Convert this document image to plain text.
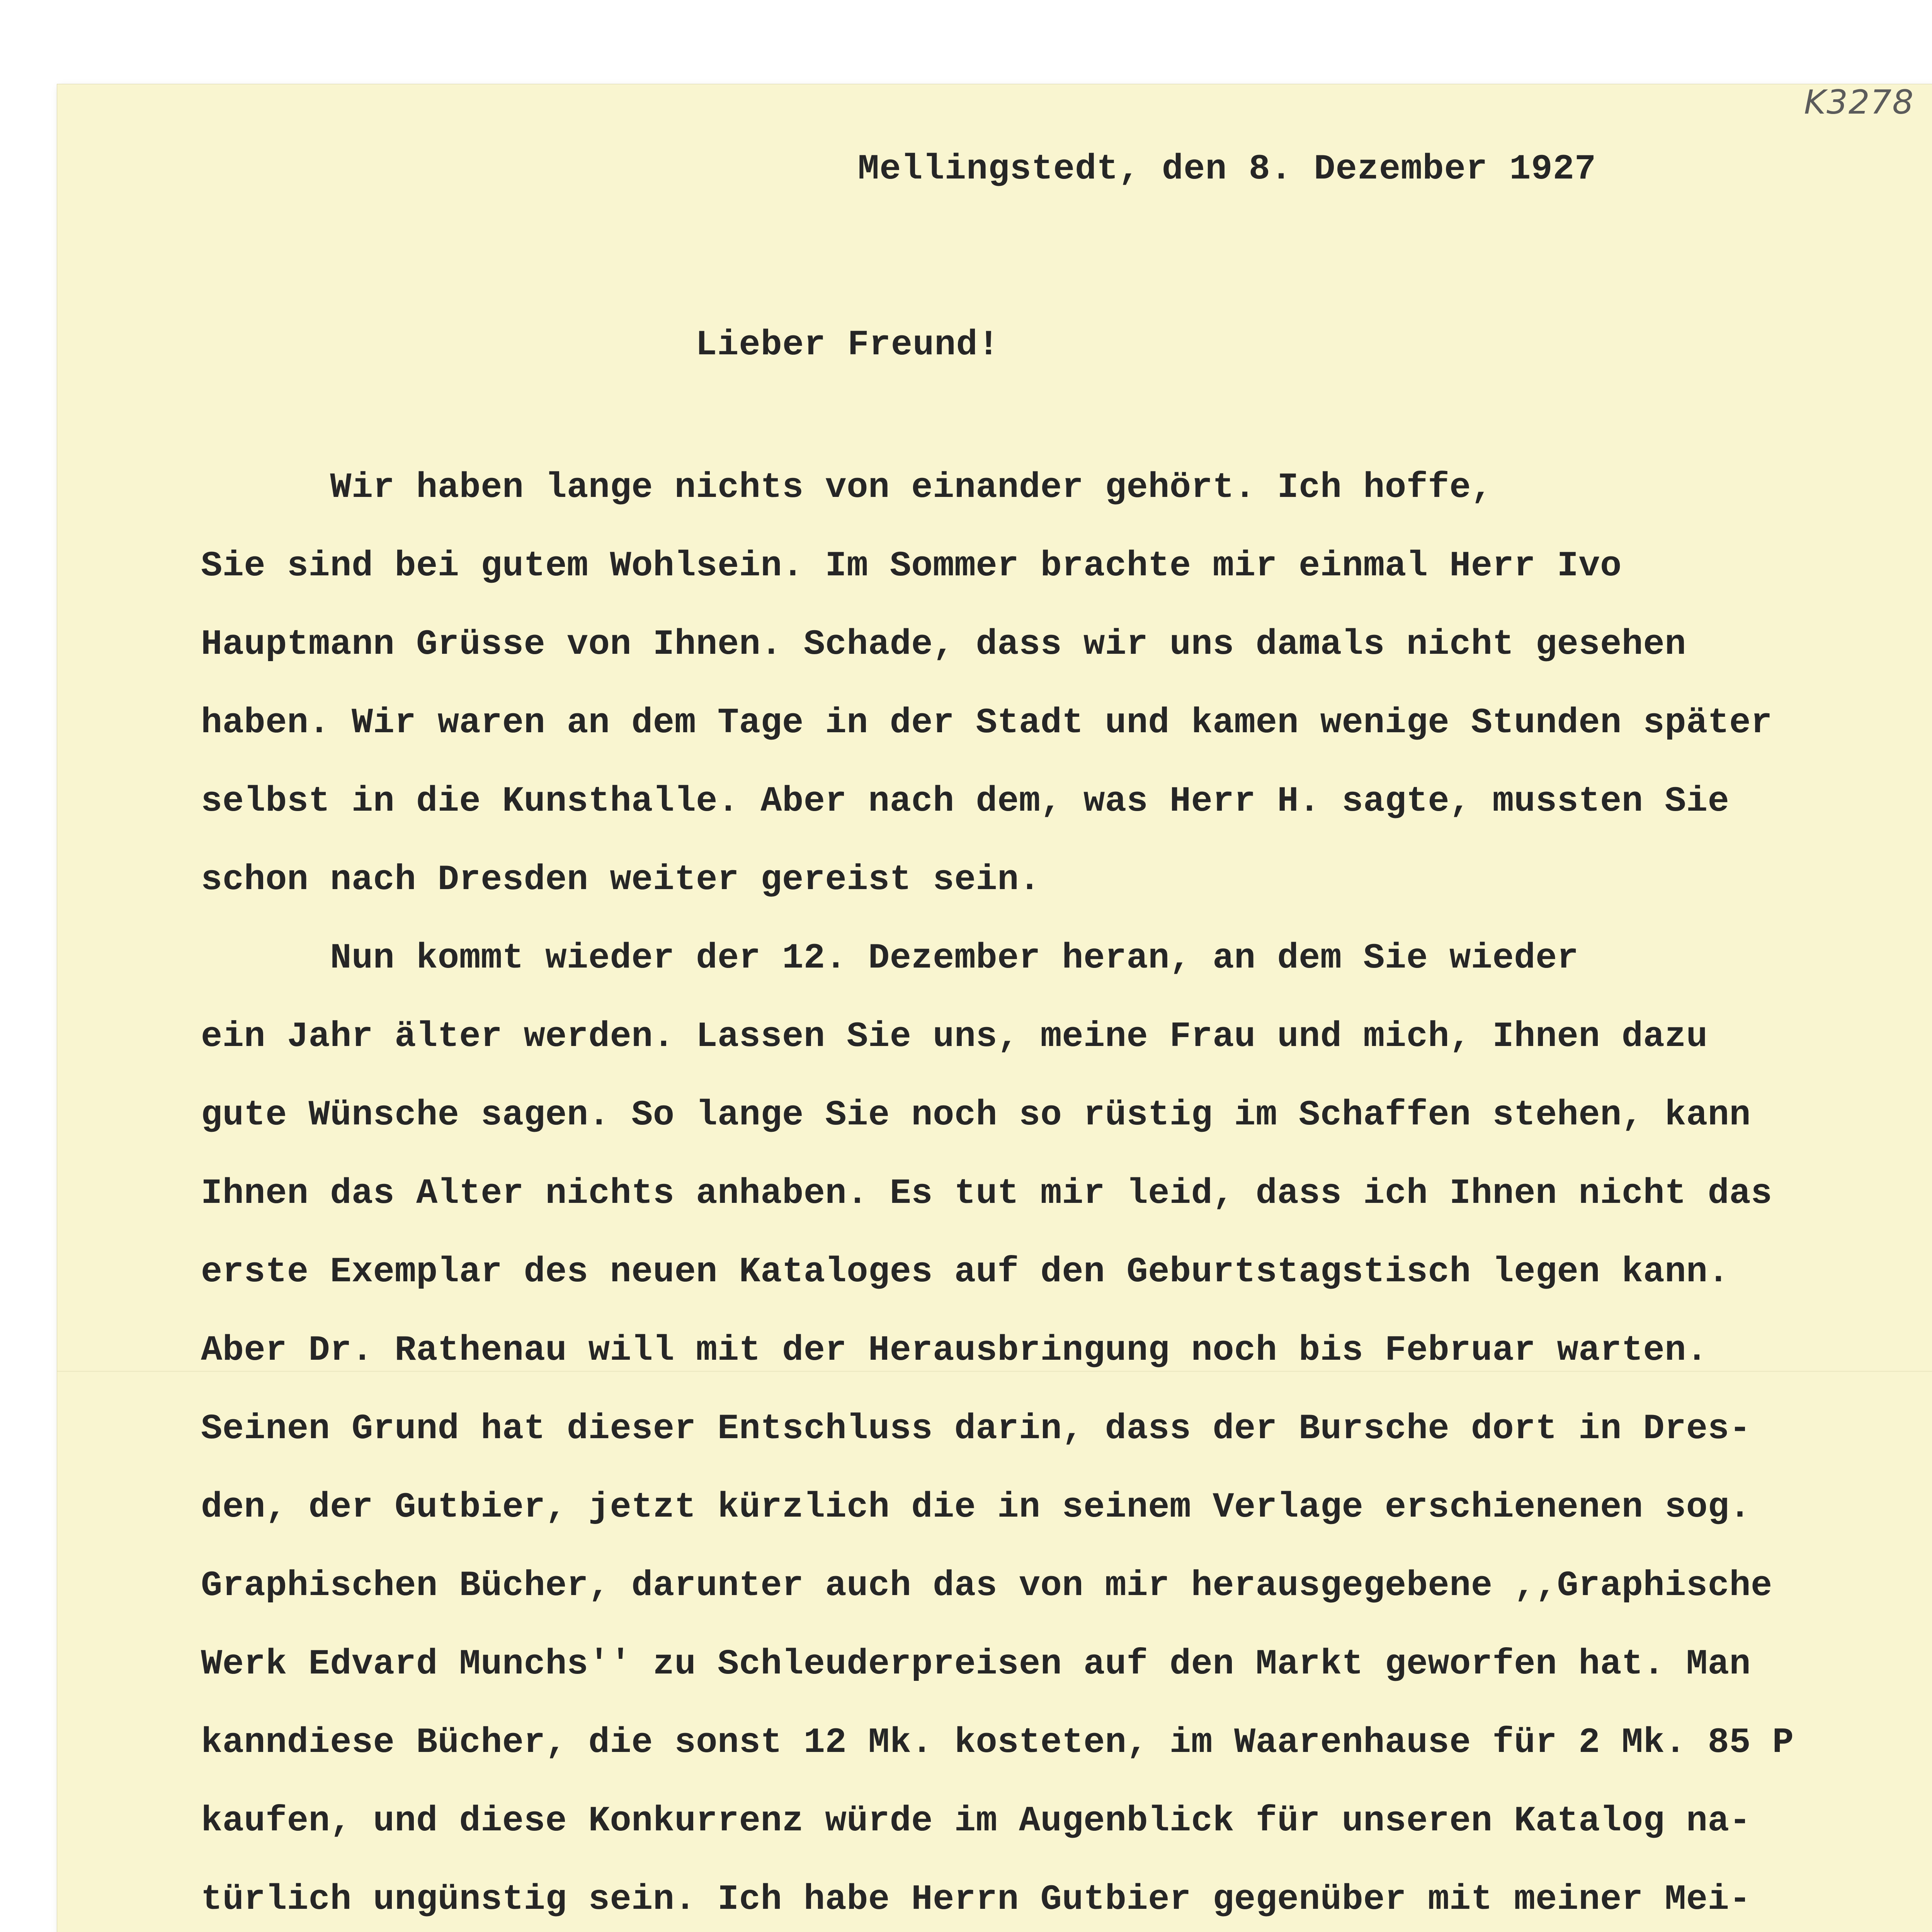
K3278
Mellingstedt, den 8. Dezember 1927
Lieber Freund!
Wir haben lange nichts von einander gehört. Ich hoffe,
Sie sind bei gutem Wohlsein. Im Sommer brachte mir einmal Herr Ivo
Hauptmann Grüsse von Ihnen. Schade, dass wir uns damals nicht gesehen
haben. Wir waren an dem Tage in der Stadt und kamen wenige Stunden später
selbst in die Kunsthalle. Aber nach dem, was Herr H. sagte, mussten Sie
schon nach Dresden weiter gereist sein.
Nun kommt wieder der 12. Dezember heran, an dem Sie wieder
ein Jahr älter werden. Lassen Sie uns, meine Frau und mich, Ihnen dazu
gute Wünsche sagen. So lange Sie noch so rüstig im Schaffen stehen, kann
Ihnen das Alter nichts anhaben. Es tut mir leid, dass ich Ihnen nicht das
erste Exemplar des neuen Kataloges auf den Geburtstagstisch legen kann.
Aber Dr. Rathenau will mit der Herausbringung noch bis Februar warten.
Seinen Grund hat dieser Entschluss darin, dass der Bursche dort in Dres-
den, der Gutbier, jetzt kürzlich die in seinem Verlage erschienenen sog.
Graphischen Bücher, darunter auch das von mir herausgegebene ,,Graphische
Werk Edvard Munchs'' zu Schleuderpreisen auf den Markt geworfen hat. Man
kanndiese Bücher, die sonst 12 Mk. kosteten, im Waarenhause für 2 Mk. 85 P
kaufen, und diese Konkurrenz würde im Augenblick für unseren Katalog na-
türlich ungünstig sein. Ich habe Herrn Gutbier gegenüber mit meiner Mei-
